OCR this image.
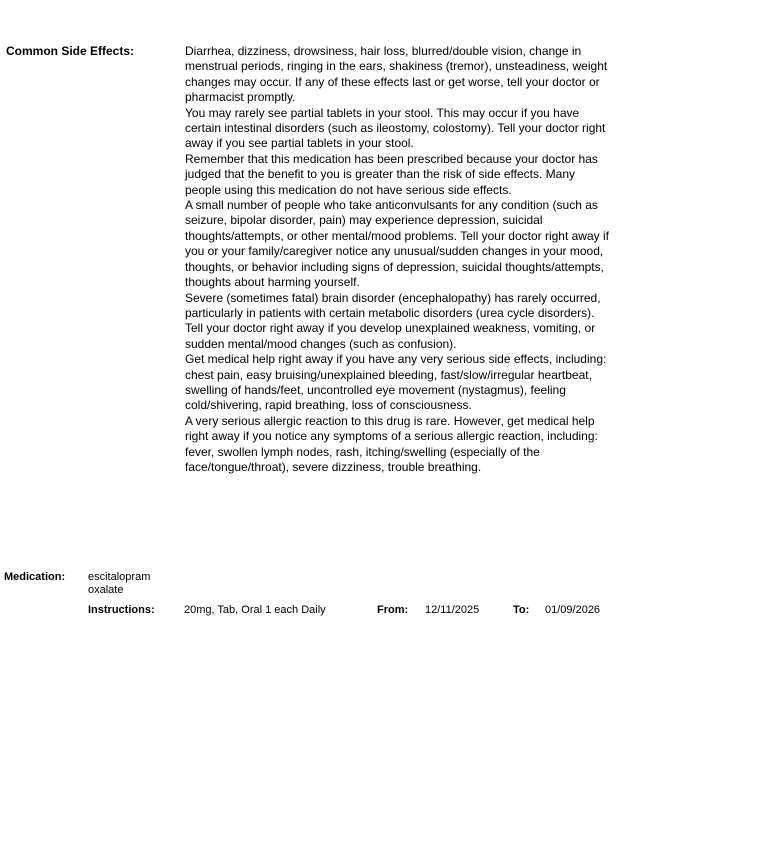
Common Side Effects:	Diarrhea, dizziness, drowsiness, hair loss, blurred/double vision, change in menstrual periods, ringing in the ears, shakiness (tremor), unsteadiness, weight changes may occur. If any of these effects last or get worse, tell your doctor or pharmacist promptly.

You may rarely see partial tablets in your stool. This may occur if you have certain intestinal disorders (such as ileostomy, colostomy). Tell your doctor right away if you see partial tablets in your stool.

Remember that this medication has been prescribed because your doctor has judged that the benefit to you is greater than the risk of side effects. Many people using this medication do not have serious side effects.

A small number of people who take anticonvulsants for any condition (such as seizure, bipolar disorder, pain) may experience depression, suicidal thoughts/attempts, or other mental/mood problems. Tell your doctor right away if you or your family/caregiver notice any unusual/sudden changes in your mood, thoughts, or behavior including signs of depression, suicidal thoughts/attempts, thoughts about harming yourself.

Severe (sometimes fatal) brain disorder (encephalopathy) has rarely occurred, particularly in patients with certain metabolic disorders (urea cycle disorders). Tell your doctor right away if you develop unexplained weakness, vomiting, or sudden mental/mood changes (such as confusion).

Get medical help right away if you have any very serious side effects, including: chest pain, easy bruising/unexplained bleeding, fast/slow/irregular heartbeat, swelling of hands/feet, uncontrolled eye movement (nystagmus), feeling cold/shivering, rapid breathing, loss of consciousness.

A very serious allergic reaction to this drug is rare. However, get medical help right away if you notice any symptoms of a serious allergic reaction, including: fever, swollen lymph nodes, rash, itching/swelling (especially of the face/tongue/throat), severe dizziness, trouble breathing.

Medication: escitalopram oxalate
Instructions:	20mg, Tab, Oral 1 each Daily	From: 12/11/2025	To: 01/09/2026
